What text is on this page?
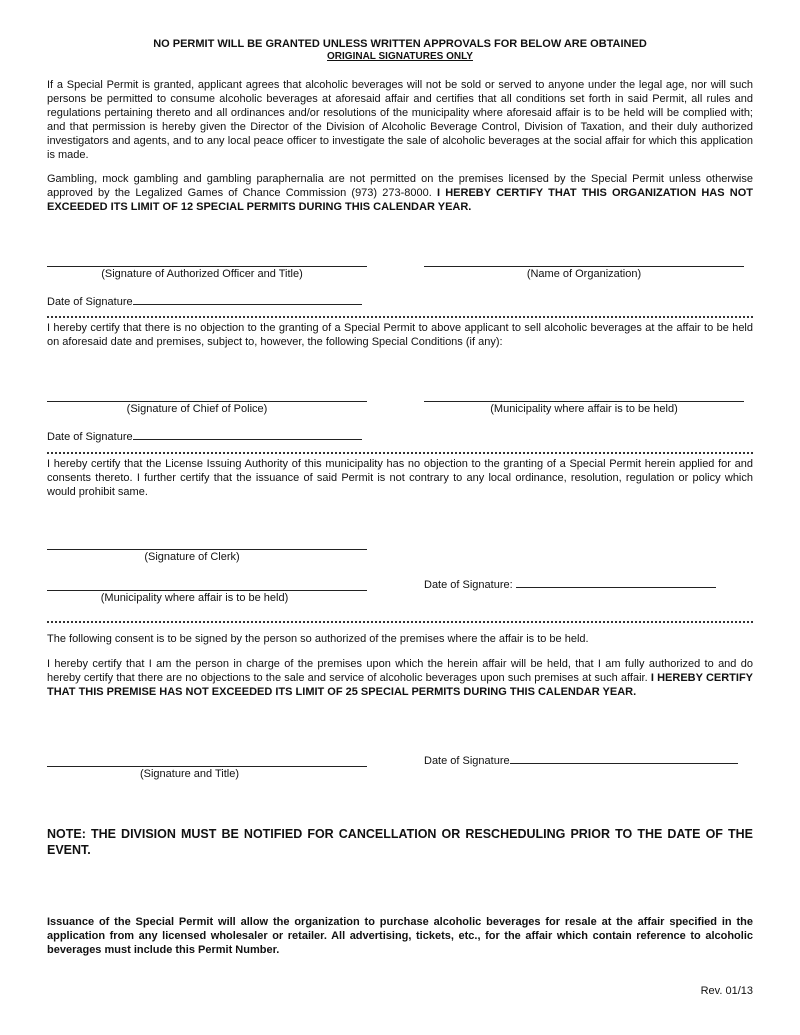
NO PERMIT WILL BE GRANTED UNLESS WRITTEN APPROVALS FOR BELOW ARE OBTAINED
ORIGINAL SIGNATURES ONLY
If a Special Permit is granted, applicant agrees that alcoholic beverages will not be sold or served to anyone under the legal age, nor will such persons be permitted to consume alcoholic beverages at aforesaid affair and certifies that all conditions set forth in said Permit, all rules and regulations pertaining thereto and all ordinances and/or resolutions of the municipality where aforesaid affair is to be held will be complied with; and that permission is hereby given the Director of the Division of Alcoholic Beverage Control, Division of Taxation, and their duly authorized investigators and agents, and to any local peace officer to investigate the sale of alcoholic beverages at the social affair for which this application is made.
Gambling, mock gambling and gambling paraphernalia are not permitted on the premises licensed by the Special Permit unless otherwise approved by the Legalized Games of Chance Commission (973) 273-8000. I HEREBY CERTIFY THAT THIS ORGANIZATION HAS NOT EXCEEDED ITS LIMIT OF 12 SPECIAL PERMITS DURING THIS CALENDAR YEAR.
(Signature of Authorized Officer and Title)	(Name of Organization)
Date of Signature
I hereby certify that there is no objection to the granting of a Special Permit to above applicant to sell alcoholic beverages at the affair to be held on aforesaid date and premises, subject to, however, the following Special Conditions (if any):
(Signature of Chief of Police)	(Municipality where affair is to be held)
Date of Signature
I hereby certify that the License Issuing Authority of this municipality has no objection to the granting of a Special Permit herein applied for and consents thereto. I further certify that the issuance of said Permit is not contrary to any local ordinance, resolution, regulation or policy which would prohibit same.
(Signature of Clerk)
(Municipality where affair is to be held)
Date of Signature:
The following consent is to be signed by the person so authorized of the premises where the affair is to be held.
I hereby certify that I am the person in charge of the premises upon which the herein affair will be held, that I am fully authorized to and do hereby certify that there are no objections to the sale and service of alcoholic beverages upon such premises at such affair. I HEREBY CERTIFY THAT THIS PREMISE HAS NOT EXCEEDED ITS LIMIT OF 25 SPECIAL PERMITS DURING THIS CALENDAR YEAR.
(Signature and Title)
Date of Signature
NOTE: THE DIVISION MUST BE NOTIFIED FOR CANCELLATION OR RESCHEDULING PRIOR TO THE DATE OF THE EVENT.
Issuance of the Special Permit will allow the organization to purchase alcoholic beverages for resale at the affair specified in the application from any licensed wholesaler or retailer. All advertising, tickets, etc., for the affair which contain reference to alcoholic beverages must include this Permit Number.
Rev. 01/13
